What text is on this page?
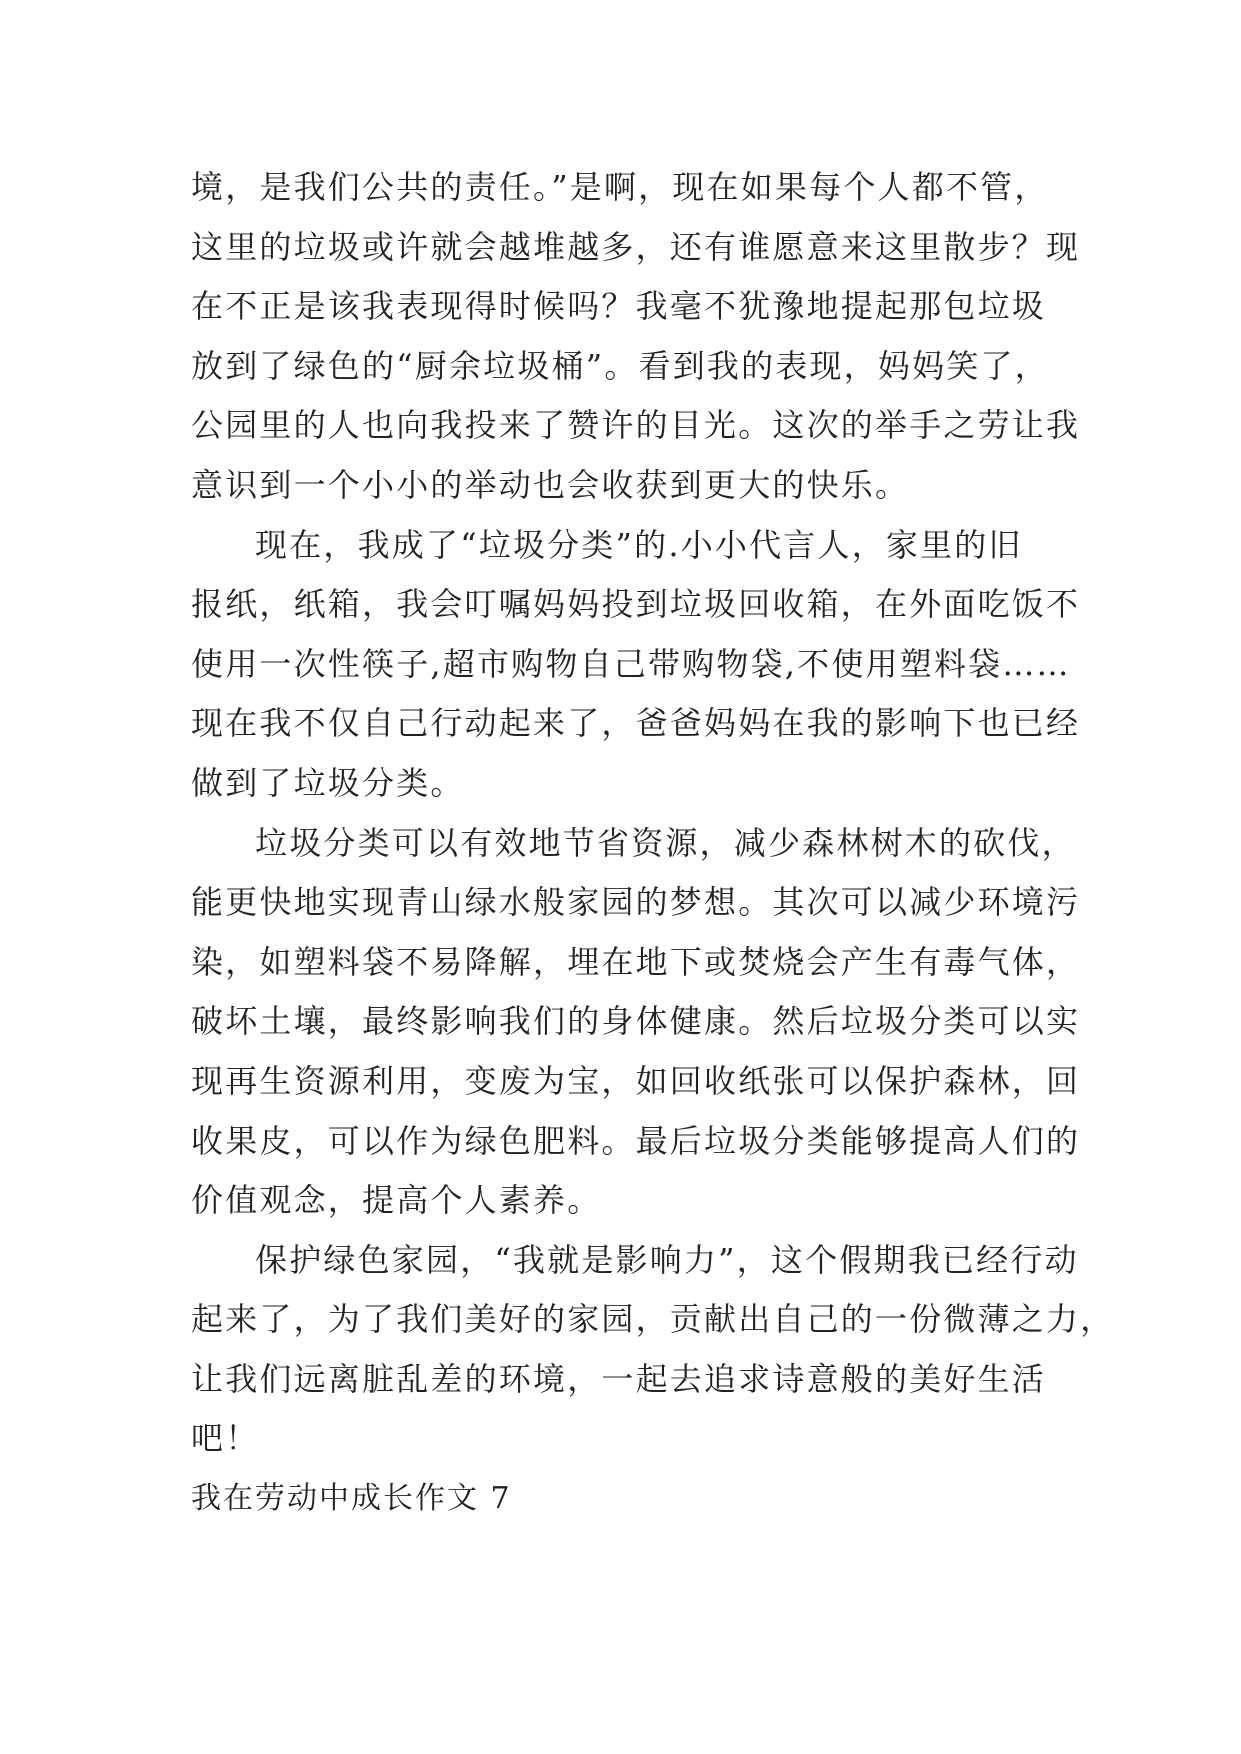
境，是我们公共的责任。”是啊，现在如果每个人都不管，
这里的垃圾或许就会越堆越多，还有谁愿意来这里散步？现
在不正是该我表现得时候吗？我毫不犹豫地提起那包垃圾
放到了绿色的“厨余垃圾桶”。看到我的表现，妈妈笑了，
公园里的人也向我投来了赞许的目光。这次的举手之劳让我
意识到一个小小的举动也会收获到更大的快乐。
现在，我成了“垃圾分类”的.小小代言人，家里的旧
报纸，纸箱，我会叮嘱妈妈投到垃圾回收箱，在外面吃饭不
使用一次性筷子,超市购物自己带购物袋,不使用塑料袋……
现在我不仅自己行动起来了，爸爸妈妈在我的影响下也已经
做到了垃圾分类。
垃圾分类可以有效地节省资源，减少森林树木的砍伐，
能更快地实现青山绿水般家园的梦想。其次可以减少环境污
染，如塑料袋不易降解，埋在地下或焚烧会产生有毒气体，
破坏土壤，最终影响我们的身体健康。然后垃圾分类可以实
现再生资源利用，变废为宝，如回收纸张可以保护森林，回
收果皮，可以作为绿色肥料。最后垃圾分类能够提高人们的
价值观念，提高个人素养。
保护绿色家园，“我就是影响力”，这个假期我已经行动
起来了，为了我们美好的家园，贡献出自己的一份微薄之力，
让我们远离脏乱差的环境，一起去追求诗意般的美好生活
吧！
我在劳动中成长作文 7
